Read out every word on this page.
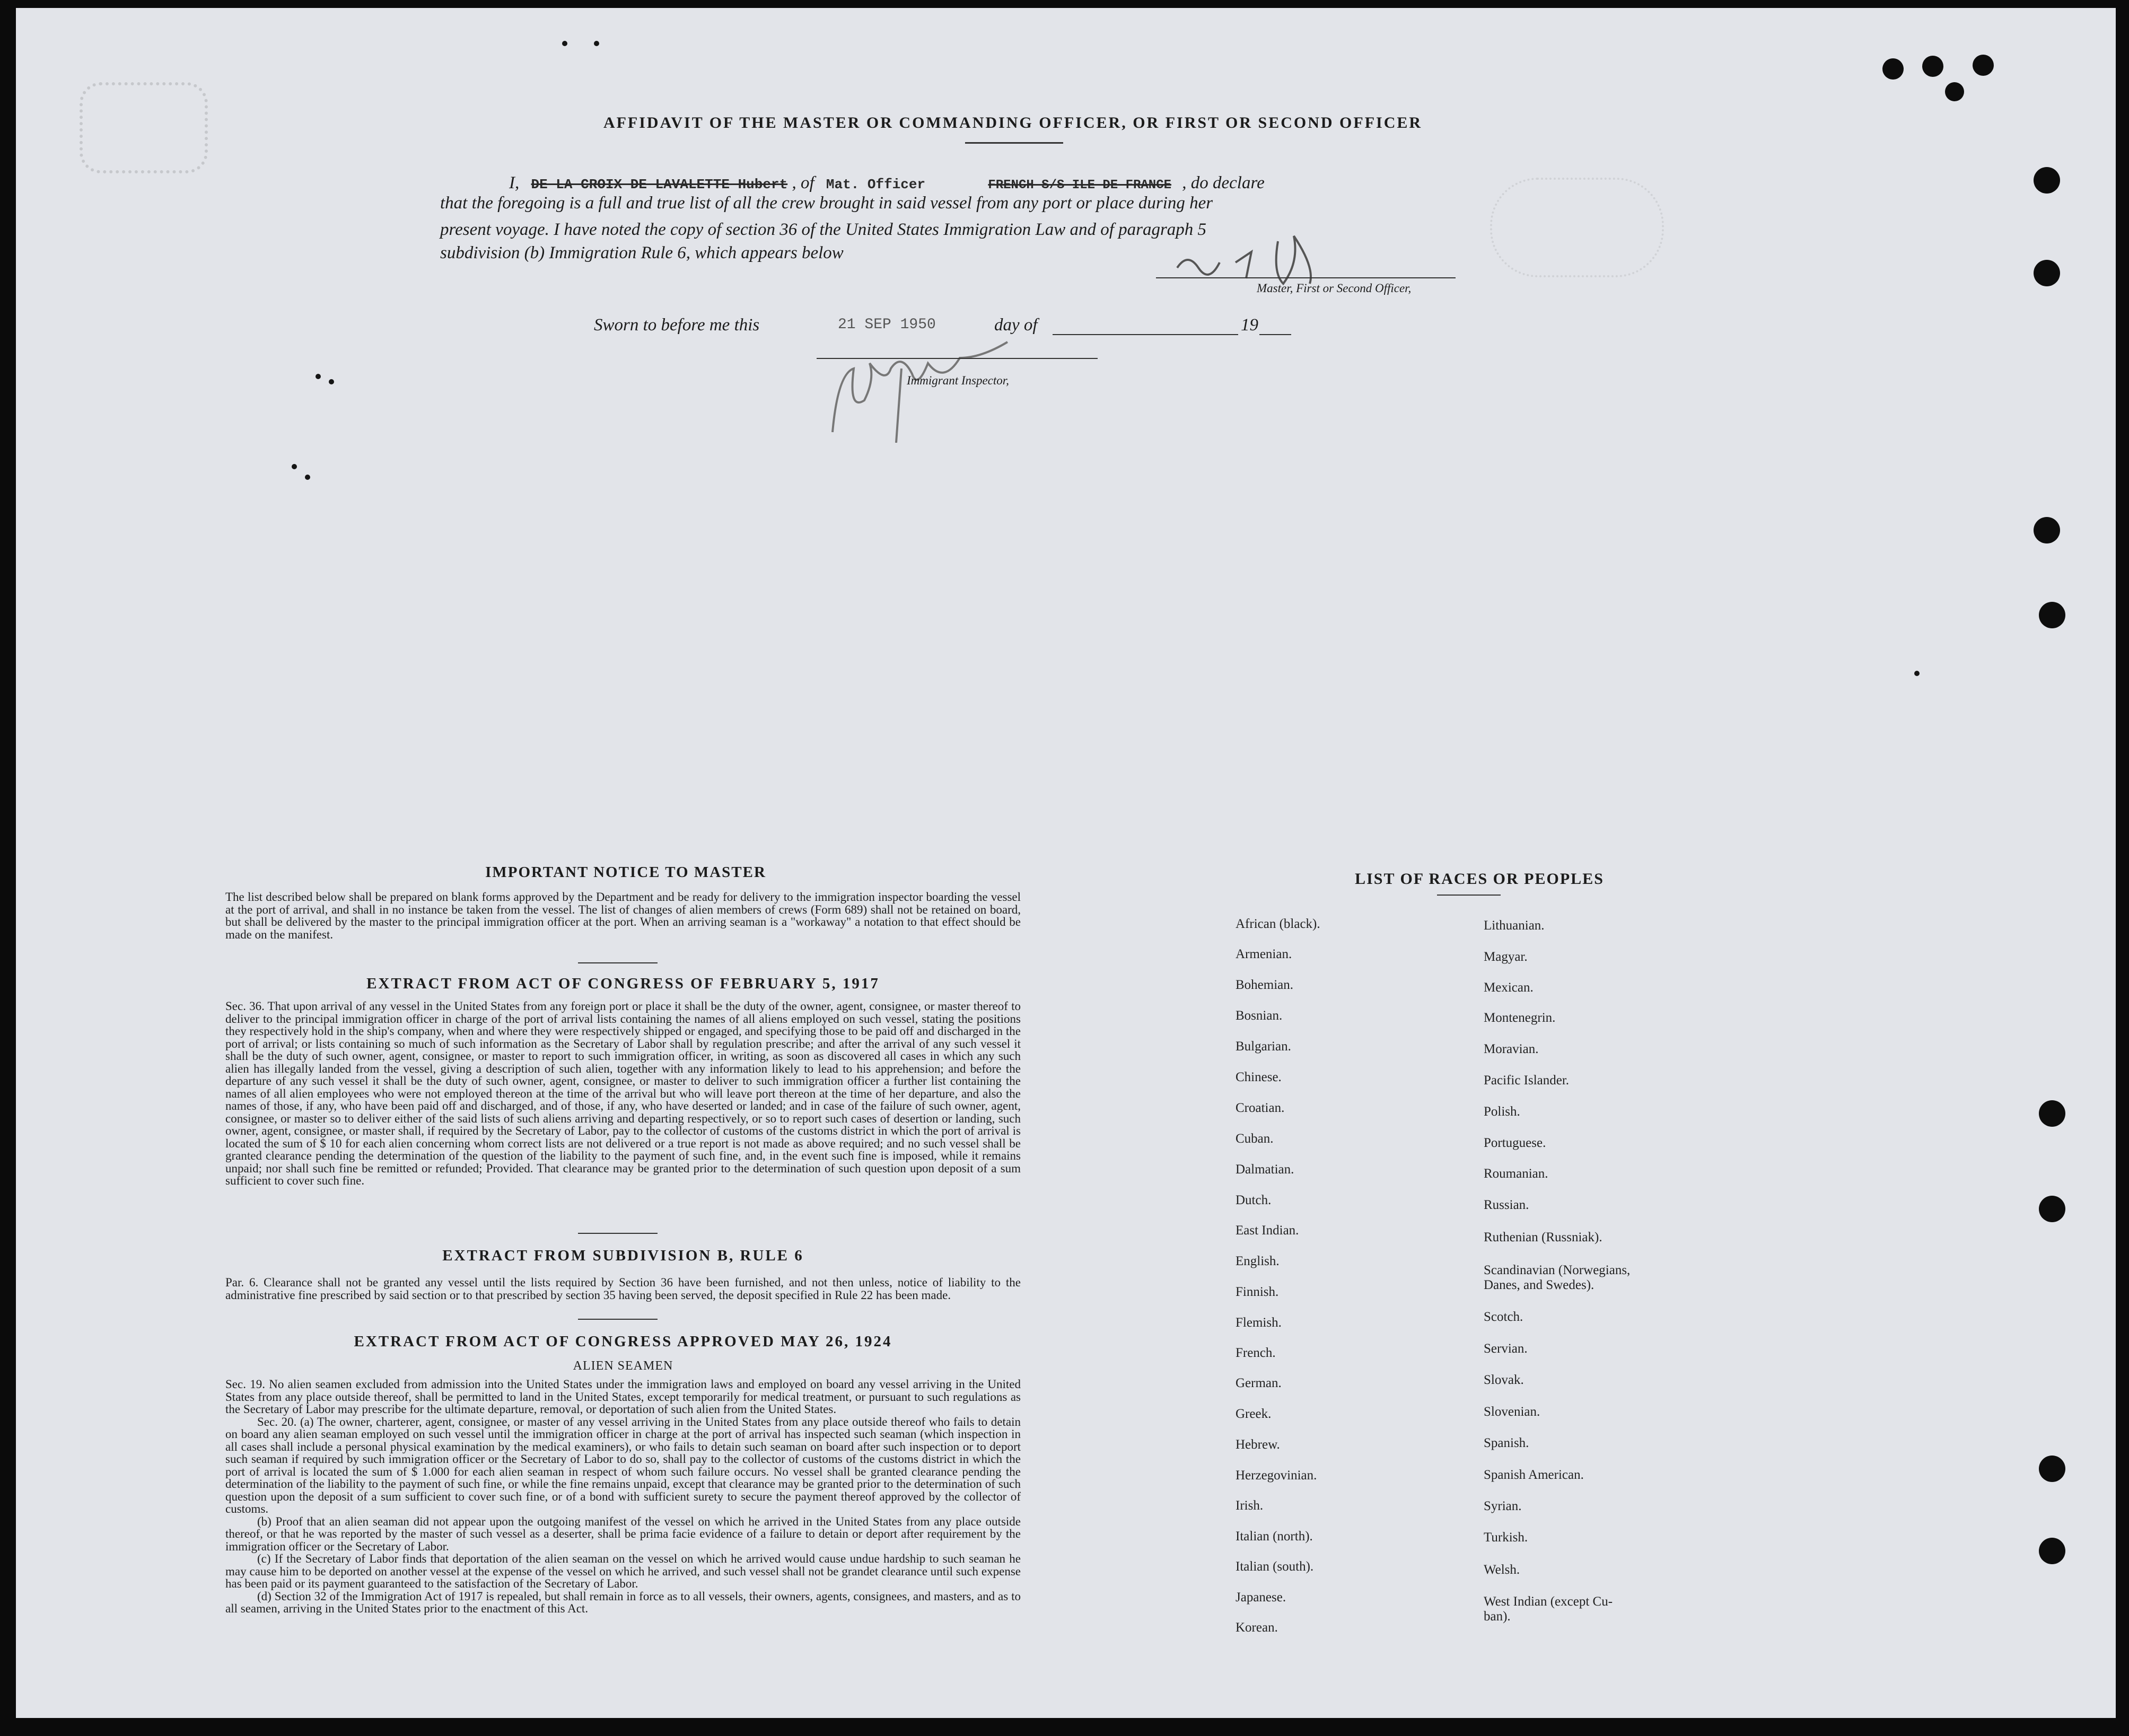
AFFIDAVIT OF THE MASTER OR COMMANDING OFFICER, OR FIRST OR SECOND OFFICER
I, DE LA CROIX DE LAVALETTE Hubert , of Mat. Officer	FRENCH S/S ILE DE FRANCE , do declare
that the foregoing is a full and true list of all the crew brought in said vessel from any port or place during her
present voyage. I have noted the copy of section 36 of the United States Immigration Law and of paragraph 5
subdivision (b) Immigration Rule 6, which appears below
Master, First or Second Officer,
Sworn to before me this	21 SEP 1950	day of	19
Immigrant Inspector,
IMPORTANT NOTICE TO MASTER
The list described below shall be prepared on blank forms approved by the Department and be ready for delivery to the immigration inspector boarding the vessel at the port of arrival, and shall in no instance be taken from the vessel. The list of changes of alien members of crews (Form 689) shall not be retained on board, but shall be delivered by the master to the principal immigration officer at the port. When an arriving seaman is a "workaway" a notation to that effect should be made on the manifest.
EXTRACT FROM ACT OF CONGRESS OF FEBRUARY 5, 1917
Sec. 36. That upon arrival of any vessel in the United States from any foreign port or place it shall be the duty of the owner, agent, consignee, or master thereof to deliver to the principal immigration officer in charge of the port of arrival lists containing the names of all aliens employed on such vessel, stating the positions they respectively hold in the ship's company, when and where they were respectively shipped or engaged, and specifying those to be paid off and discharged in the port of arrival; or lists containing so much of such information as the Secretary of Labor shall by regulation prescribe; and after the arrival of any such vessel it shall be the duty of such owner, agent, consignee, or master to report to such immigration officer, in writing, as soon as discovered all cases in which any such alien has illegally landed from the vessel, giving a description of such alien, together with any information likely to lead to his apprehension; and before the departure of any such vessel it shall be the duty of such owner, agent, consignee, or master to deliver to such immigration officer a further list containing the names of all alien employees who were not employed thereon at the time of the arrival but who will leave port thereon at the time of her departure, and also the names of those, if any, who have been paid off and discharged, and of those, if any, who have deserted or landed; and in case of the failure of such owner, agent, consignee, or master so to deliver either of the said lists of such aliens arriving and departing respectively, or so to report such cases of desertion or landing, such owner, agent, consignee, or master shall, if required by the Secretary of Labor, pay to the collector of customs of the customs district in which the port of arrival is located the sum of $ 10 for each alien concerning whom correct lists are not delivered or a true report is not made as above required; and no such vessel shall be granted clearance pending the determination of the question of the liability to the payment of such fine, and, in the event such fine is imposed, while it remains unpaid; nor shall such fine be remitted or refunded; Provided. That clearance may be granted prior to the determination of such question upon deposit of a sum sufficient to cover such fine.
EXTRACT FROM SUBDIVISION B, RULE 6
Par. 6. Clearance shall not be granted any vessel until the lists required by Section 36 have been furnished, and not then unless, notice of liability to the administrative fine prescribed by said section or to that prescribed by section 35 having been served, the deposit specified in Rule 22 has been made.
EXTRACT FROM ACT OF CONGRESS APPROVED MAY 26, 1924
ALIEN SEAMEN
Sec. 19. No alien seamen excluded from admission into the United States under the immigration laws and employed on board any vessel arriving in the United States from any place outside thereof, shall be permitted to land in the United States, except temporarily for medical treatment, or pursuant to such regulations as the Secretary of Labor may prescribe for the ultimate departure, removal, or deportation of such alien from the United States.
Sec. 20. (a) The owner, charterer, agent, consignee, or master of any vessel arriving in the United States from any place outside thereof who fails to detain on board any alien seaman employed on such vessel until the immigration officer in charge at the port of arrival has inspected such seaman (which inspection in all cases shall include a personal physical examination by the medical examiners), or who fails to detain such seaman on board after such inspection or to deport such seaman if required by such immigration officer or the Secretary of Labor to do so, shall pay to the collector of customs of the customs district in which the port of arrival is located the sum of $ 1.000 for each alien seaman in respect of whom such failure occurs. No vessel shall be granted clearance pending the determination of the liability to the payment of such fine, or while the fine remains unpaid, except that clearance may be granted prior to the determination of such question upon the deposit of a sum sufficient to cover such fine, or of a bond with sufficient surety to secure the payment thereof approved by the collector of customs.
(b) Proof that an alien seaman did not appear upon the outgoing manifest of the vessel on which he arrived in the United States from any place outside thereof, or that he was reported by the master of such vessel as a deserter, shall be prima facie evidence of a failure to detain or deport after requirement by the immigration officer or the Secretary of Labor.
(c) If the Secretary of Labor finds that deportation of the alien seaman on the vessel on which he arrived would cause undue hardship to such seaman he may cause him to be deported on another vessel at the expense of the vessel on which he arrived, and such vessel shall not be grandet clearance until such expense has been paid or its payment guaranteed to the satisfaction of the Secretary of Labor.
(d) Section 32 of the Immigration Act of 1917 is repealed, but shall remain in force as to all vessels, their owners, agents, consignees, and masters, and as to all seamen, arriving in the United States prior to the enactment of this Act.
LIST OF RACES OR PEOPLES
African (black).
Armenian.
Bohemian.
Bosnian.
Bulgarian.
Chinese.
Croatian.
Cuban.
Dalmatian.
Dutch.
East Indian.
English.
Finnish.
Flemish.
French.
German.
Greek.
Hebrew.
Herzegovinian.
Irish.
Italian (north).
Italian (south).
Japanese.
Korean.
Lithuanian.
Magyar.
Mexican.
Montenegrin.
Moravian.
Pacific Islander.
Polish.
Portuguese.
Roumanian.
Russian.
Ruthenian (Russniak).
Scandinavian (Norwegians,
Danes, and Swedes).
Scotch.
Servian.
Slovak.
Slovenian.
Spanish.
Spanish American.
Syrian.
Turkish.
Welsh.
West Indian (except Cu-
ban).
